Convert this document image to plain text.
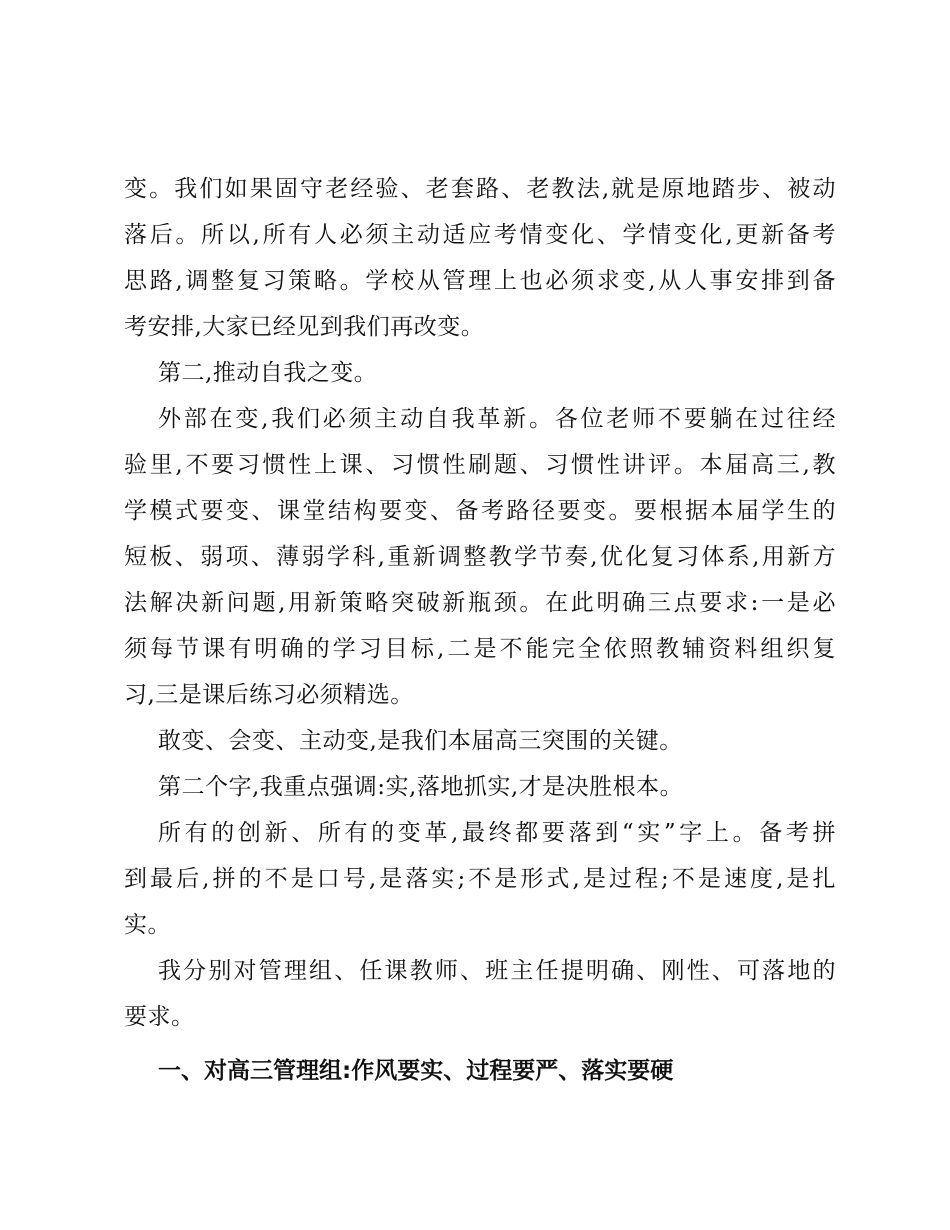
变。我们如果固守老经验、老套路、老教法,就是原地踏步、被动
落后。所以,所有人必须主动适应考情变化、学情变化,更新备考
思路,调整复习策略。学校从管理上也必须求变,从人事安排到备
考安排,大家已经见到我们再改变。
第二,推动自我之变。
外部在变,我们必须主动自我革新。各位老师不要躺在过往经
验里,不要习惯性上课、习惯性刷题、习惯性讲评。本届高三,教
学模式要变、课堂结构要变、备考路径要变。要根据本届学生的
短板、弱项、薄弱学科,重新调整教学节奏,优化复习体系,用新方
法解决新问题,用新策略突破新瓶颈。在此明确三点要求:一是必
须每节课有明确的学习目标,二是不能完全依照教辅资料组织复
习,三是课后练习必须精选。
敢变、会变、主动变,是我们本届高三突围的关键。
第二个字,我重点强调:实,落地抓实,才是决胜根本。
所有的创新、所有的变革,最终都要落到“实”字上。备考拼
到最后,拼的不是口号,是落实;不是形式,是过程;不是速度,是扎
实。
我分别对管理组、任课教师、班主任提明确、刚性、可落地的
要求。
一、对高三管理组:作风要实、过程要严、落实要硬
